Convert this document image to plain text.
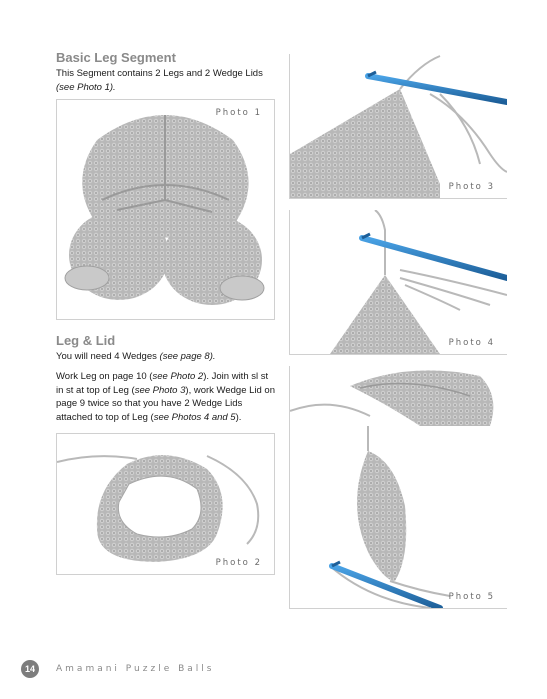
Basic Leg Segment
This Segment contains 2 Legs and 2 Wedge Lids (see Photo 1).
Photo 1
Leg & Lid
You will need 4 Wedges (see page 8).
Work Leg on page 10 (see Photo 2). Join with sl st in st at top of Leg (see Photo 3), work Wedge Lid on page 9 twice so that you have 2 Wedge Lids attached to top of Leg (see Photos 4 and 5).
Photo 2
Photo 3
Photo 4
Photo 5
14	Amamani Puzzle Balls
